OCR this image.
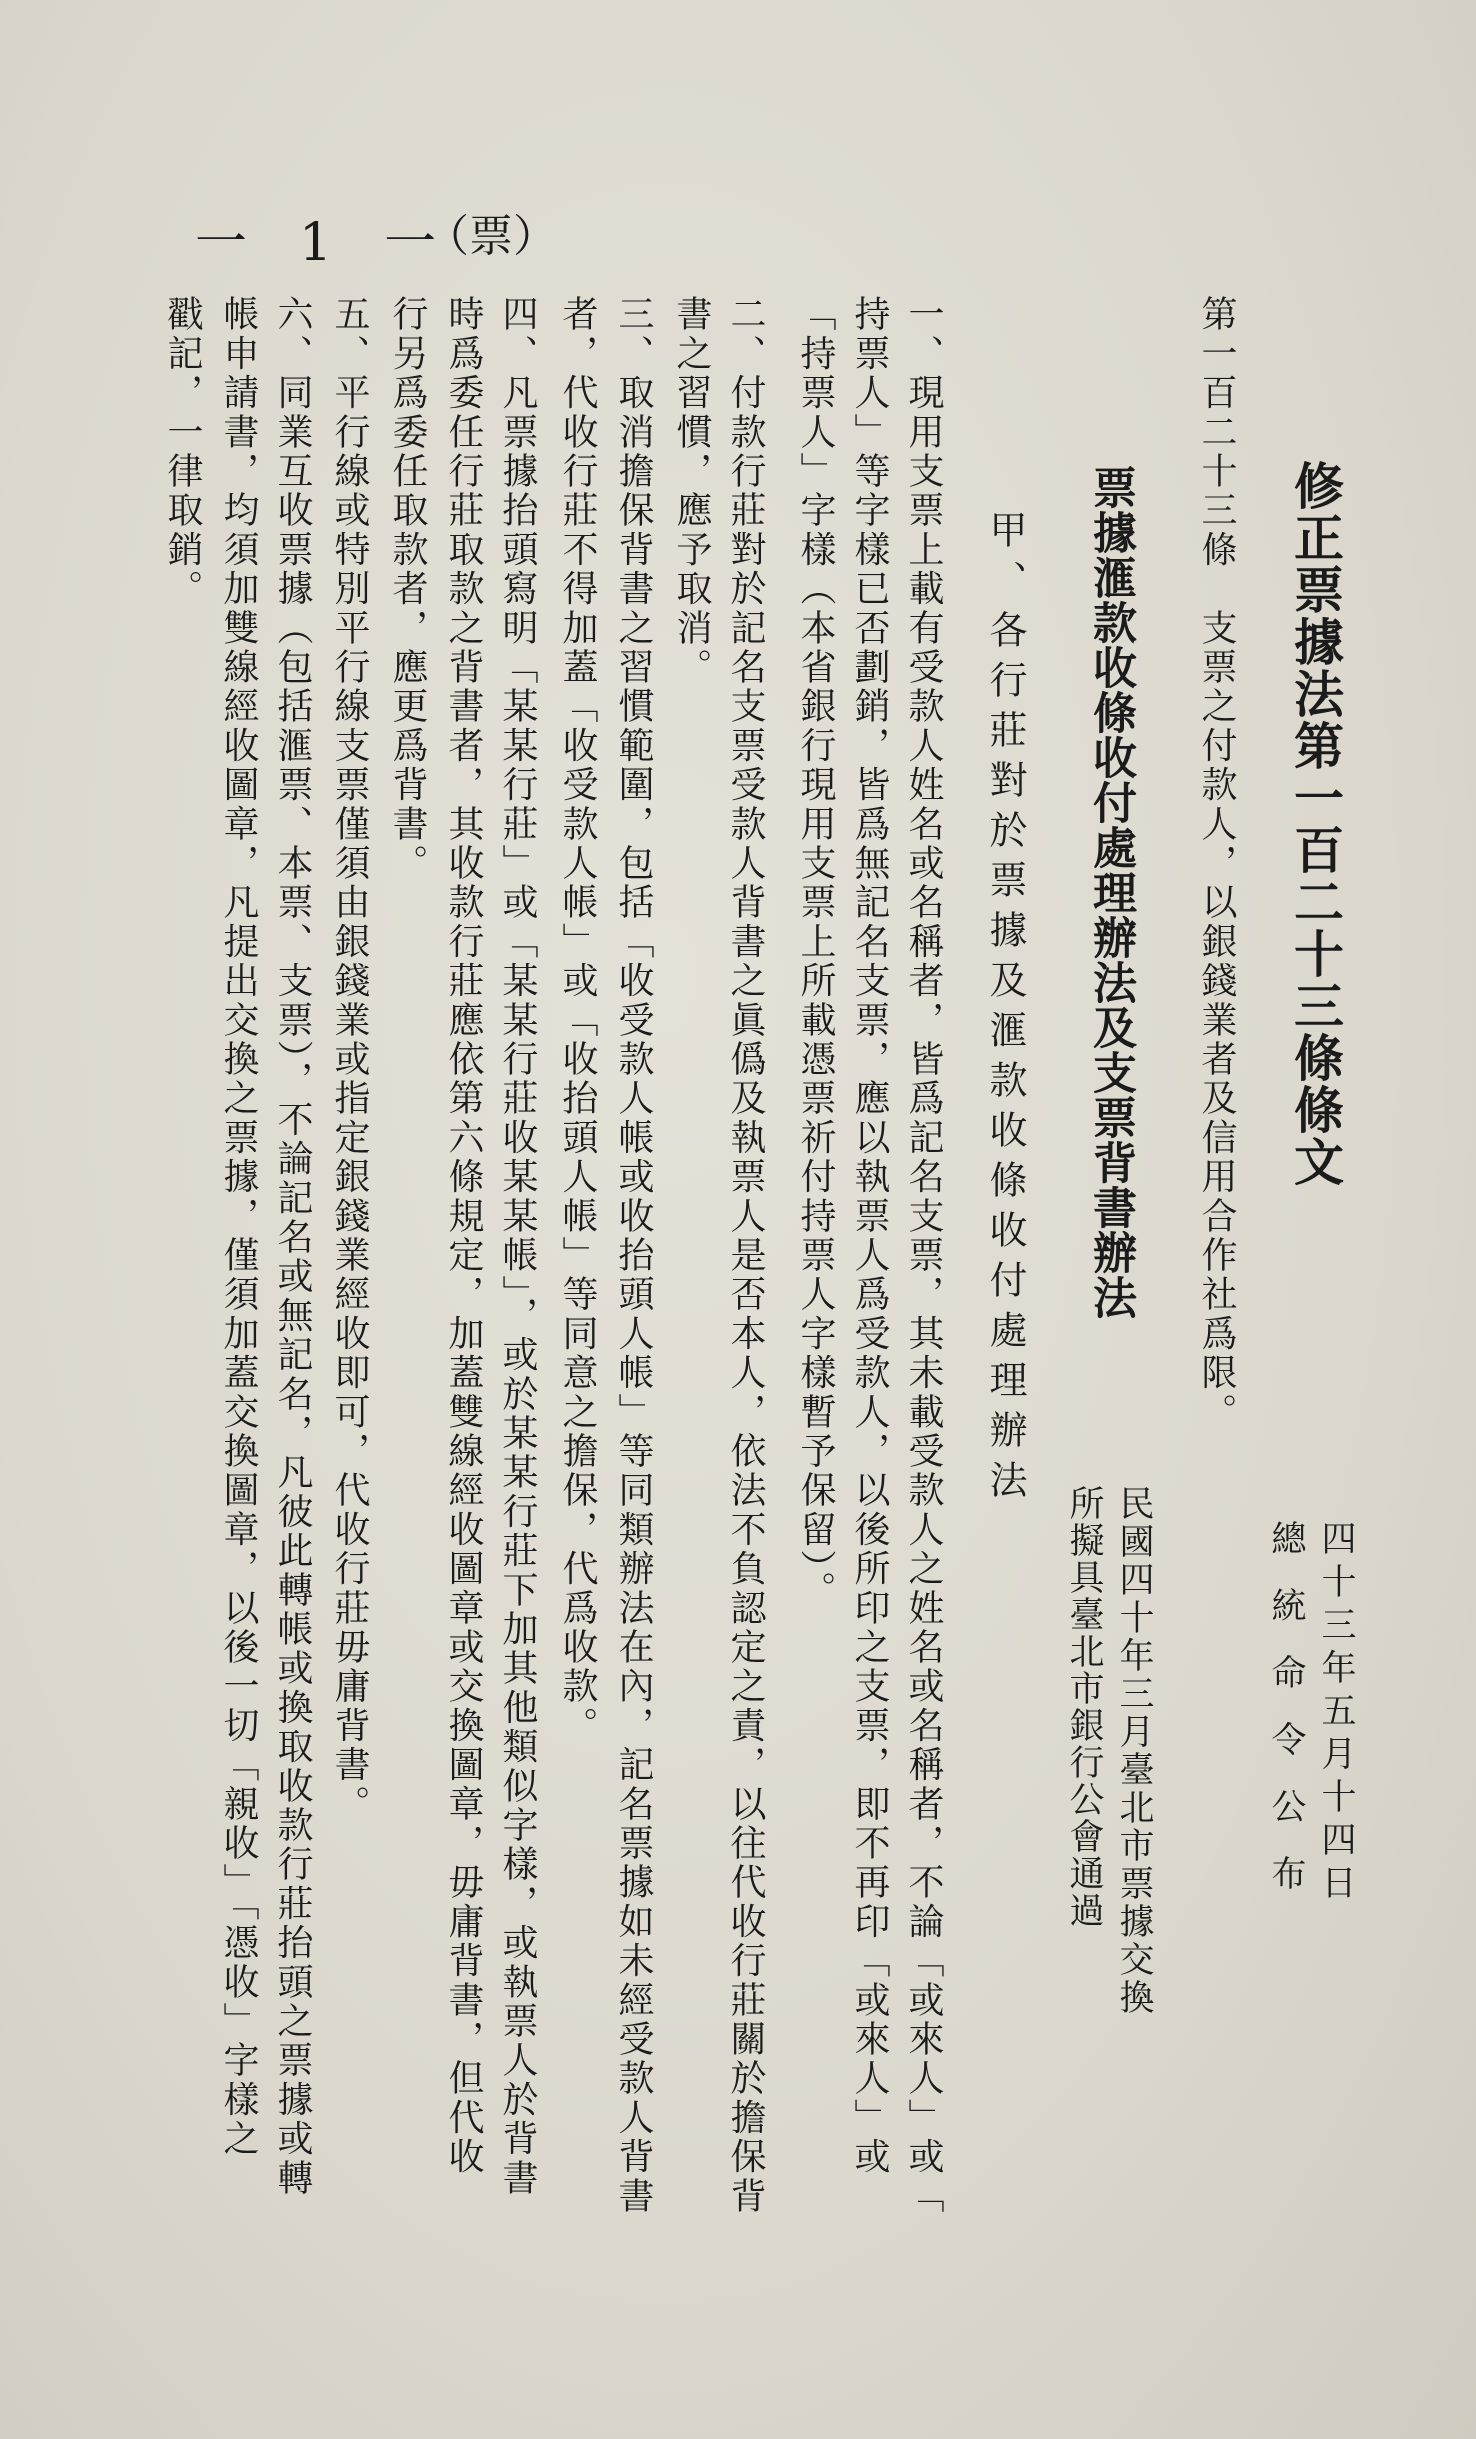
修正票據法第一百二十三條條文
四十三年五月十四日
總統命令公布
第一百二十三條　支票之付款人，以銀錢業者及信用合作社爲限。
票據滙款收條收付處理辦法及支票背書辦法
民國四十年三月臺北市票據交換
所擬具臺北市銀行公會通過
甲、各行莊對於票據及滙款收條收付處理辦法
一、現用支票上載有受款人姓名或名稱者，皆爲記名支票，其未載受款人之姓名或名稱者，不論「或來人」或「
持票人」等字樣已否劃銷，皆爲無記名支票，應以執票人爲受款人，以後所印之支票，即不再印「或來人」或
「持票人」字樣（本省銀行現用支票上所載憑票祈付持票人字樣暫予保留）。
二、付款行莊對於記名支票受款人背書之眞僞及執票人是否本人，依法不負認定之責，以往代收行莊關於擔保背
書之習慣，應予取消。
三、取消擔保背書之習慣範圍，包括「收受款人帳或收抬頭人帳」等同類辦法在內，記名票據如未經受款人背書
者，代收行莊不得加蓋「收受款人帳」或「收抬頭人帳」等同意之擔保，代爲收款。
四、凡票據抬頭寫明「某某行莊」或「某某行莊收某某帳」，或於某某行莊下加其他類似字樣，或執票人於背書
時爲委任行莊取款之背書者，其收款行莊應依第六條規定，加蓋雙線經收圖章或交換圖章，毋庸背書，但代收
行另爲委任取款者，應更爲背書。
五、平行線或特別平行線支票僅須由銀錢業或指定銀錢業經收即可，代收行莊毋庸背書。
六、同業互收票據（包括滙票、本票、支票），不論記名或無記名，凡彼此轉帳或換取收款行莊抬頭之票據或轉
帳申請書，均須加雙線經收圖章，凡提出交換之票據，僅須加蓋交換圖章，以後一切「親收」「憑收」字樣之
戳記，一律取銷。
一　1　一
（票）
